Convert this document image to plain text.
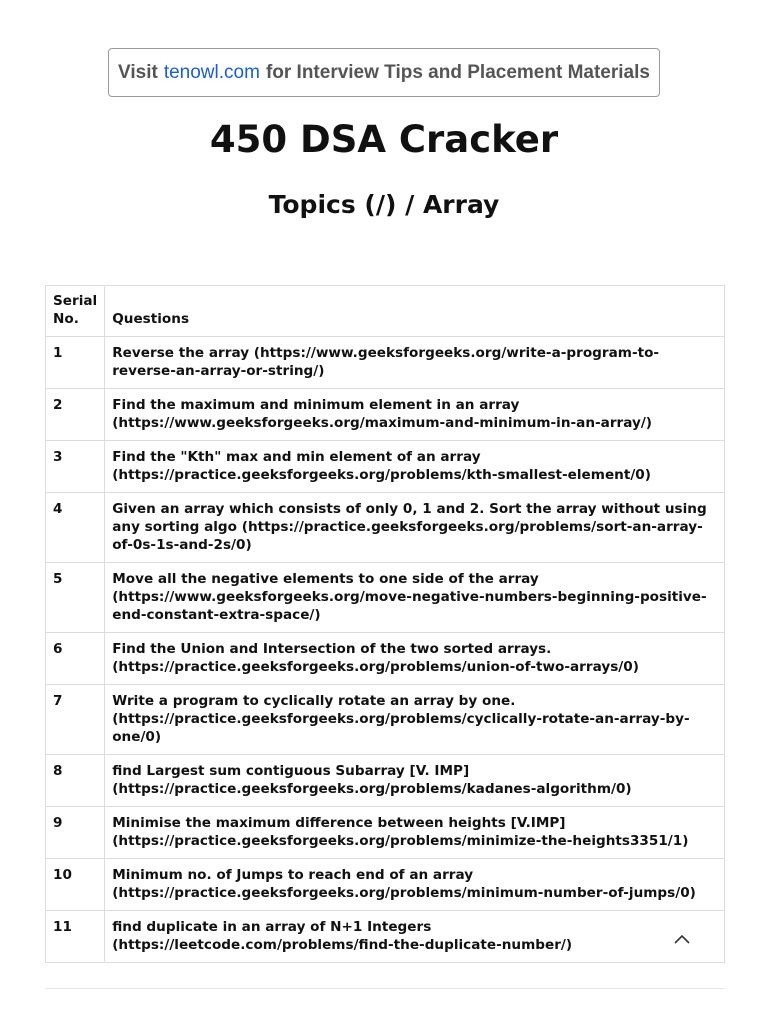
Visit tenowl.com for Interview Tips and Placement Materials
450 DSA Cracker
Topics (/) / Array
Serial No.	Questions
1	Reverse the array (https://www.geeksforgeeks.org/write-a-program-to-reverse-an-array-or-string/)
2	Find the maximum and minimum element in an array (https://www.geeksforgeeks.org/maximum-and-minimum-in-an-array/)
3	Find the "Kth" max and min element of an array (https://practice.geeksforgeeks.org/problems/kth-smallest-element/0)
4	Given an array which consists of only 0, 1 and 2. Sort the array without using any sorting algo (https://practice.geeksforgeeks.org/problems/sort-an-array-of-0s-1s-and-2s/0)
5	Move all the negative elements to one side of the array (https://www.geeksforgeeks.org/move-negative-numbers-beginning-positive-end-constant-extra-space/)
6	Find the Union and Intersection of the two sorted arrays. (https://practice.geeksforgeeks.org/problems/union-of-two-arrays/0)
7	Write a program to cyclically rotate an array by one. (https://practice.geeksforgeeks.org/problems/cyclically-rotate-an-array-by-one/0)
8	find Largest sum contiguous Subarray [V. IMP] (https://practice.geeksforgeeks.org/problems/kadanes-algorithm/0)
9	Minimise the maximum difference between heights [V.IMP] (https://practice.geeksforgeeks.org/problems/minimize-the-heights3351/1)
10	Minimum no. of Jumps to reach end of an array (https://practice.geeksforgeeks.org/problems/minimum-number-of-jumps/0)
11	find duplicate in an array of N+1 Integers (https://leetcode.com/problems/find-the-duplicate-number/)
